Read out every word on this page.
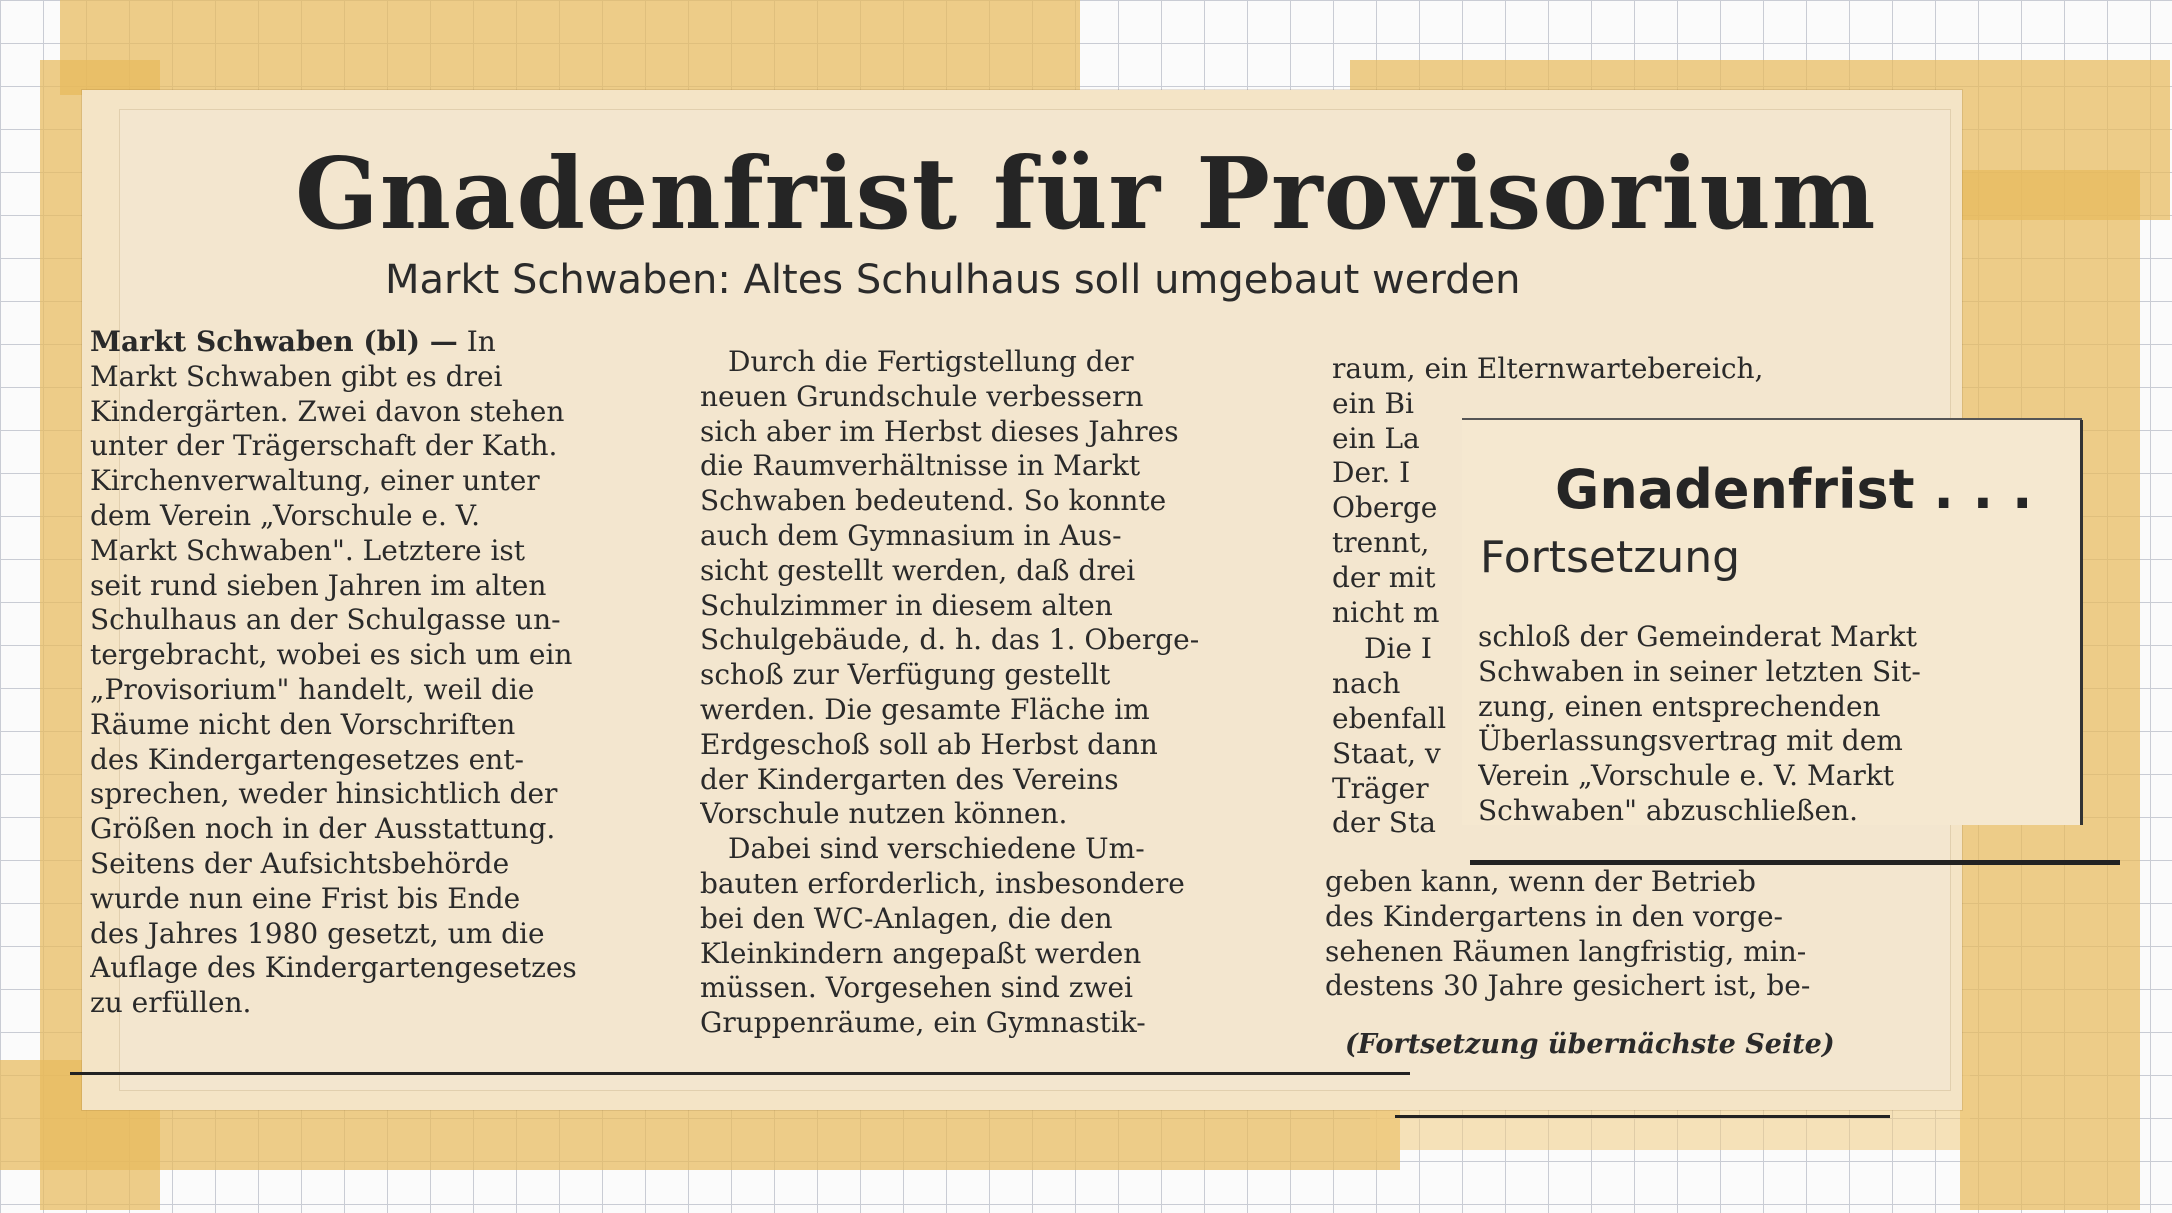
Gnadenfrist für Provisorium
Markt Schwaben: Altes Schulhaus soll umgebaut werden
Markt Schwaben (bl) — In
Markt Schwaben gibt es drei
Kindergärten. Zwei davon stehen
unter der Trägerschaft der Kath.
Kirchenverwaltung, einer unter
dem Verein „Vorschule e. V.
Markt Schwaben". Letztere ist
seit rund sieben Jahren im alten
Schulhaus an der Schulgasse un-
tergebracht, wobei es sich um ein
„Provisorium" handelt, weil die
Räume nicht den Vorschriften
des Kindergartengesetzes ent-
sprechen, weder hinsichtlich der
Größen noch in der Ausstattung.
Seitens der Aufsichtsbehörde
wurde nun eine Frist bis Ende
des Jahres 1980 gesetzt, um die
Auflage des Kindergartengesetzes
zu erfüllen.
Durch die Fertigstellung der
neuen Grundschule verbessern
sich aber im Herbst dieses Jahres
die Raumverhältnisse in Markt
Schwaben bedeutend. So konnte
auch dem Gymnasium in Aus-
sicht gestellt werden, daß drei
Schulzimmer in diesem alten
Schulgebäude, d. h. das 1. Oberge-
schoß zur Verfügung gestellt
werden. Die gesamte Fläche im
Erdgeschoß soll ab Herbst dann
der Kindergarten des Vereins
Vorschule nutzen können.
Dabei sind verschiedene Um-
bauten erforderlich, insbesondere
bei den WC-Anlagen, die den
Kleinkindern angepaßt werden
müssen. Vorgesehen sind zwei
Gruppenräume, ein Gymnastik-
raum, ein Elternwartebereich,
ein Bi
ein La
Der. I
Oberge
trennt,
der mit
nicht m
Die I
nach
ebenfall
Staat, v
Träger
der Sta
Gnadenfrist . . .
Fortsetzung
schloß der Gemeinderat Markt
Schwaben in seiner letzten Sit-
zung, einen entsprechenden
Überlassungsvertrag mit dem
Verein „Vorschule e. V. Markt
Schwaben" abzuschließen.
geben kann, wenn der Betrieb
des Kindergartens in den vorge-
sehenen Räumen langfristig, min-
destens 30 Jahre gesichert ist, be-
(Fortsetzung übernächste Seite)
